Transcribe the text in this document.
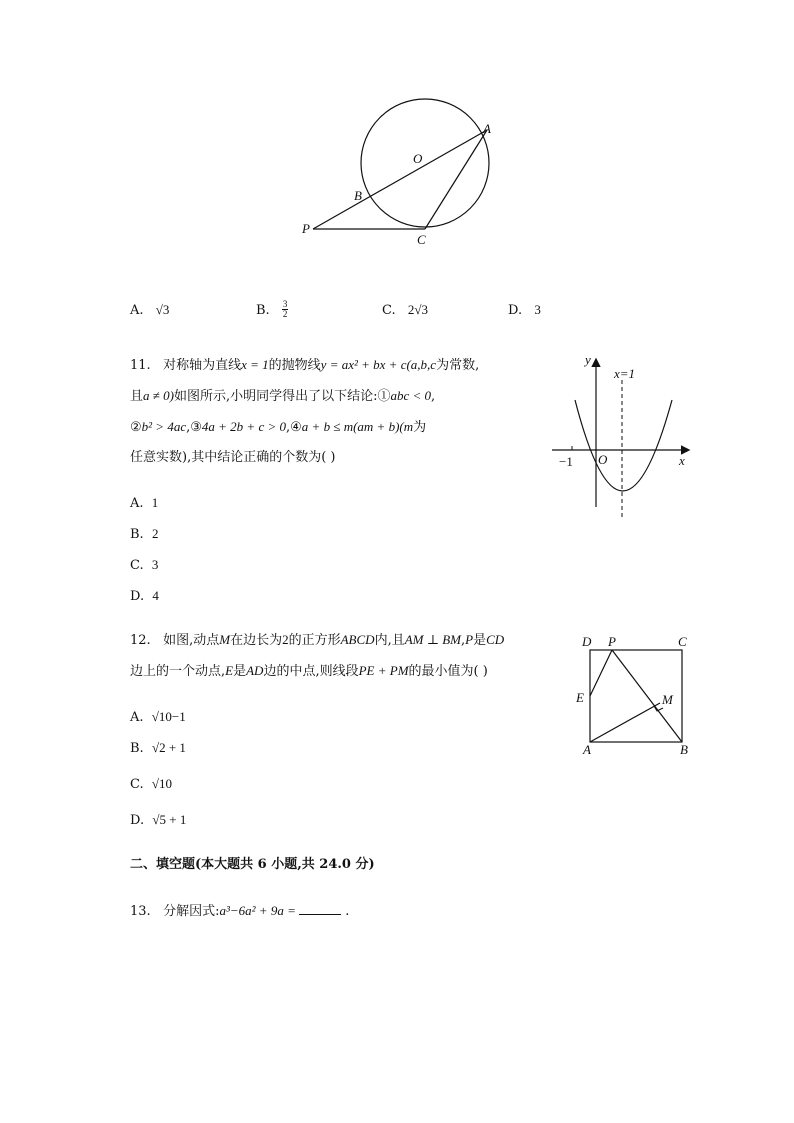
A
O
B
P
C
A. √3	B. $\frac{3}{2}$	C. 2√3	D. 3
11. 对称轴为直线x = 1的抛物线y = ax² + bx + c(a,b,c为常数,
且a ≠ 0)如图所示,小明同学得出了以下结论:①abc < 0,
②b² > 4ac,③4a + 2b + c > 0,④a + b ≤ m(am + b)(m为
任意实数),其中结论正确的个数为( )
y
x=1
−1 O	x
A. 1
B. 2
C. 3
D. 4
12. 如图,动点M在边长为2的正方形ABCD内,且AM ⊥ BM,P是CD
边上的一个动点,E是AD边的中点,则线段PE + PM的最小值为( )
D P	C
E	M
A	B
A. √10−1
B. √2 + 1
C. √10
D. √5 + 1
二、填空题(本大题共 6 小题,共 24.0 分)
13. 分解因式:a³−6a² + 9a =	.
